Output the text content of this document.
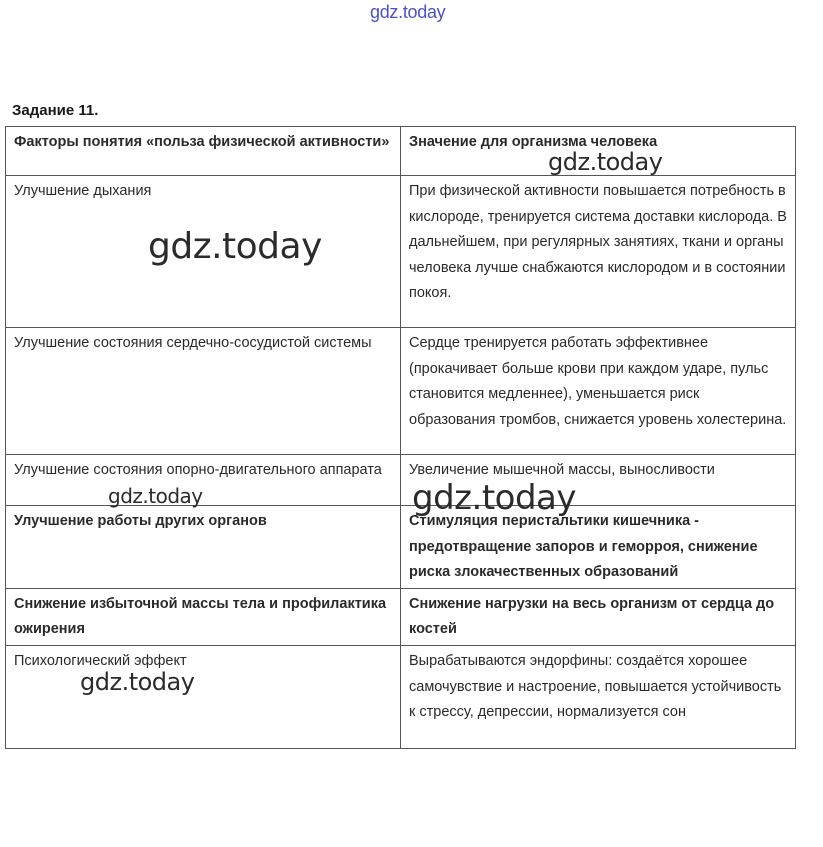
gdz.today
Задание 11.
Факторы понятия «польза физической активности»	Значение для организма человека
Улучшение дыхания	При физической активности повышается потребность в кислороде, тренируется система доставки кислорода. В дальнейшем, при регулярных занятиях, ткани и органы человека лучше снабжаются кислородом и в состоянии покоя.
Улучшение состояния сердечно-сосудистой системы	Сердце тренируется работать эффективнее (прокачивает больше крови при каждом ударе, пульс становится медленнее), уменьшается риск образования тромбов, снижается уровень холестерина.
Улучшение состояния опорно-двигательного аппарата	Увеличение мышечной массы, выносливости
Улучшение работы других органов	Стимуляция перистальтики кишечника - предотвращение запоров и геморроя, снижение риска злокачественных образований
Снижение избыточной массы тела и профилактика ожирения	Снижение нагрузки на весь организм от сердца до костей
Психологический эффект	Вырабатываются эндорфины: создаётся хорошее самочувствие и настроение, повышается устойчивость к стрессу, депрессии, нормализуется сон
gdz.today
gdz.today
gdz.today	gdz.today
gdz.today
